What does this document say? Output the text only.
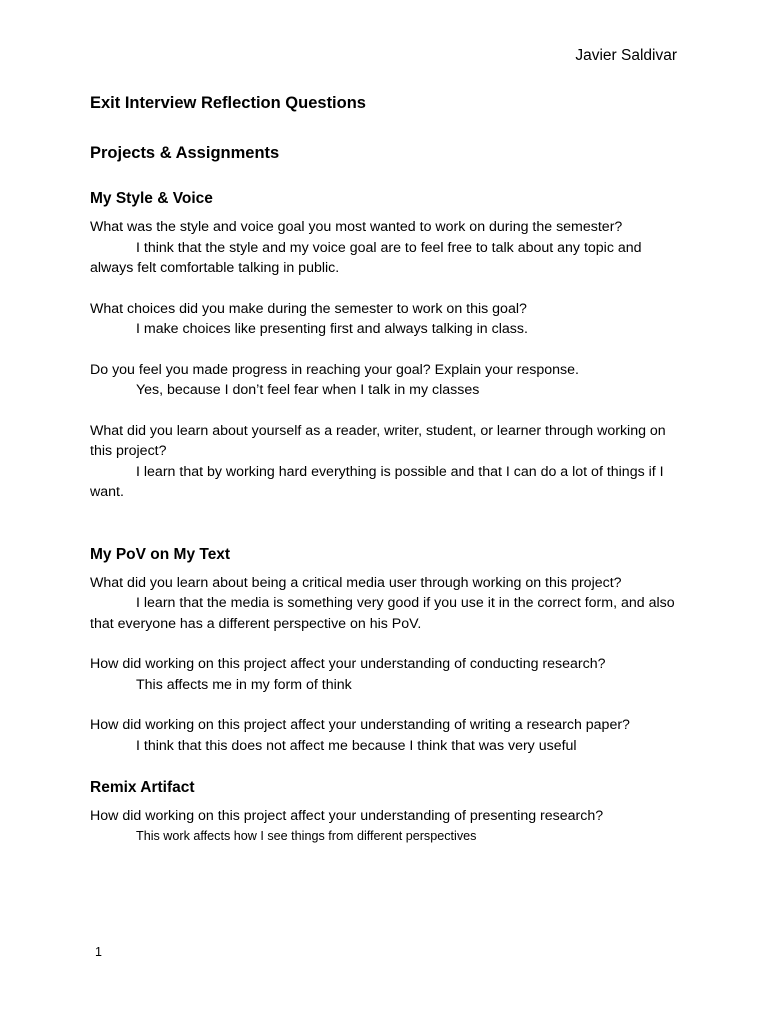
Javier Saldivar

Exit Interview Reflection Questions
Projects & Assignments
My Style & Voice

What was the style and voice goal you most wanted to work on during the semester?

I think that the style and my voice goal are to feel free to talk about any topic and always felt comfortable talking in public.

What choices did you make during the semester to work on this goal?

I make choices like presenting first and always talking in class.

Do you feel you made progress in reaching your goal? Explain your response.

Yes, because I don’t feel fear when I talk in my classes

What did you learn about yourself as a reader, writer, student, or learner through working on this project?

I learn that by working hard everything is possible and that I can do a lot of things if I want.

My PoV on My Text

What did you learn about being a critical media user through working on this project?

I learn that the media is something very good if you use it in the correct form, and also that everyone has a different perspective on his PoV.

How did working on this project affect your understanding of conducting research?

This affects me in my form of think

How did working on this project affect your understanding of writing a research paper?

I think that this does not affect me because I think that was very useful

Remix Artifact

How did working on this project affect your understanding of presenting research?

This work affects how I see things from different perspectives

1
